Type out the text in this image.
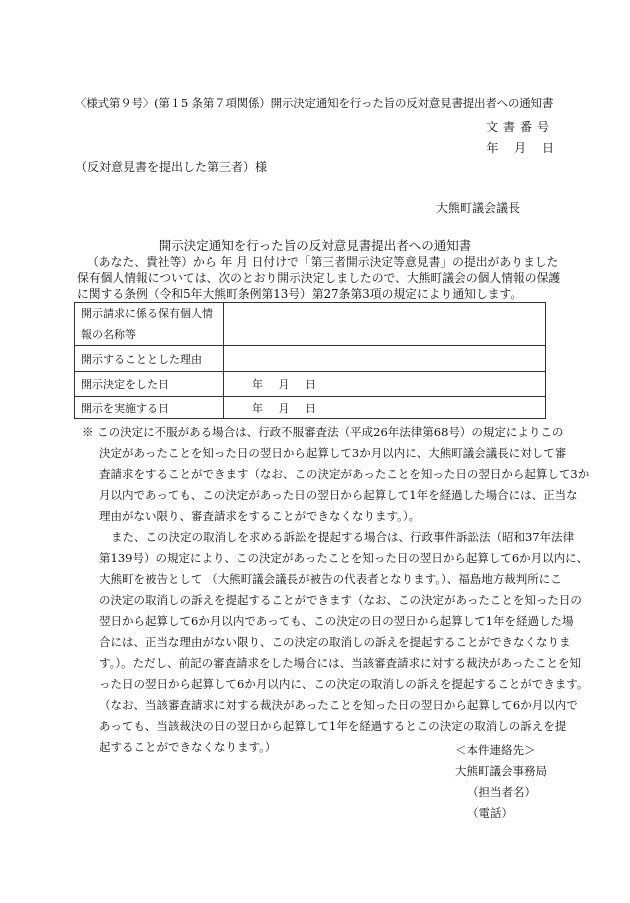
〈様式第９号〉(第１5 条第７項関係）開示決定通知を行った旨の反対意見書提出者への通知書
文書番号
年 月 日
（反対意見書を提出した第三者）様
大熊町議会議長
開示決定通知を行った旨の反対意見書提出者への通知書
（あなた、貴社等）から 年 月 日付けで「第三者開示決定等意見書」の提出がありました
保有個人情報については、次のとおり開示決定しましたので、大熊町議会の個人情報の保護
に関する条例（令和5年大熊町条例第13号）第27条第3項の規定により通知します。
開示請求に係る保有個人情
報の名称等	

開示することとした理由	
開示決定をした日	年 月 日
開示を実施する日	年 月 日
※ この決定に不服がある場合は、行政不服審査法（平成26年法律第68号）の規定によりこの
決定があったことを知った日の翌日から起算して3か月以内に、大熊町議会議長に対して審
査請求をすることができます（なお、この決定があったことを知った日の翌日から起算して3か
月以内であっても、この決定があった日の翌日から起算して1年を経過した場合には、正当な
理由がない限り、審査請求をすることができなくなります。）。
また、この決定の取消しを求める訴訟を提起する場合は、行政事件訴訟法（昭和37年法律
第139号）の規定により、この決定があったことを知った日の翌日から起算して6か月以内に、
大熊町を被告として （大熊町議会議長が被告の代表者となります。）、福島地方裁判所にこ
の決定の取消しの訴えを提起することができます（なお、この決定があったことを知った日の
翌日から起算して6か月以内であっても、この決定の日の翌日から起算して1年を経過した場
合には、正当な理由がない限り、この決定の取消しの訴えを提起することができなくなりま
す。）。ただし、前記の審査請求をした場合には、当該審査請求に対する裁決があったことを知
った日の翌日から起算して6か月以内に、この決定の取消しの訴えを提起することができます。
（なお、当該審査請求に対する裁決があったことを知った日の翌日から起算して6か月以内で
あっても、当該裁決の日の翌日から起算して1年を経過するとこの決定の取消しの訴えを提
起することができなくなります。）	＜本件連絡先＞
大熊町議会事務局
（担当者名）
（電話）
